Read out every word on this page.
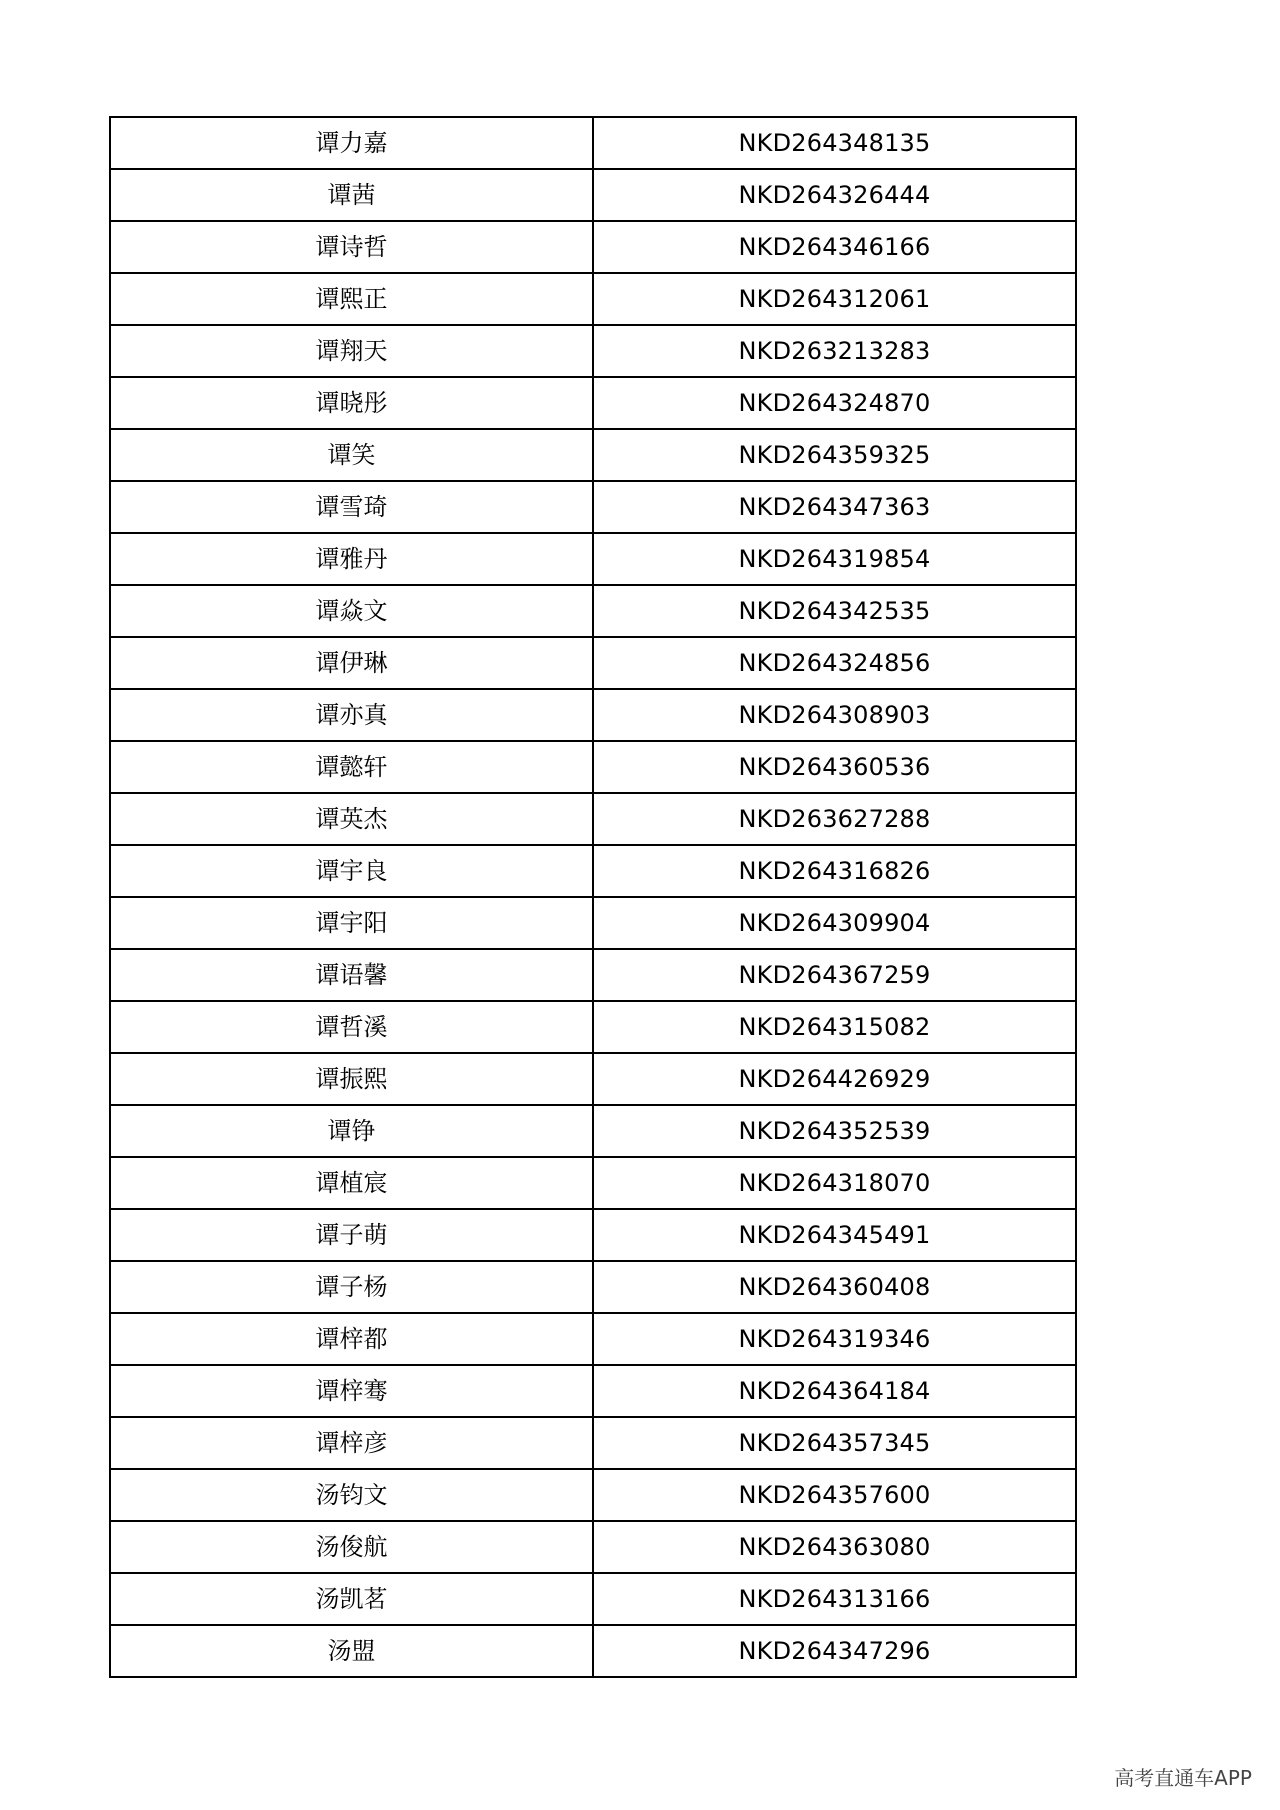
谭力嘉	NKD264348135
谭茜	NKD264326444
谭诗哲	NKD264346166
谭熙正	NKD264312061
谭翔天	NKD263213283
谭晓彤	NKD264324870
谭笑	NKD264359325
谭雪琦	NKD264347363
谭雅丹	NKD264319854
谭焱文	NKD264342535
谭伊琳	NKD264324856
谭亦真	NKD264308903
谭懿轩	NKD264360536
谭英杰	NKD263627288
谭宇良	NKD264316826
谭宇阳	NKD264309904
谭语馨	NKD264367259
谭哲溪	NKD264315082
谭振熙	NKD264426929
谭铮	NKD264352539
谭植宸	NKD264318070
谭子萌	NKD264345491
谭子杨	NKD264360408
谭梓都	NKD264319346
谭梓骞	NKD264364184
谭梓彦	NKD264357345
汤钧文	NKD264357600
汤俊航	NKD264363080
汤凯茗	NKD264313166
汤盟	NKD264347296
高考直通车APP
